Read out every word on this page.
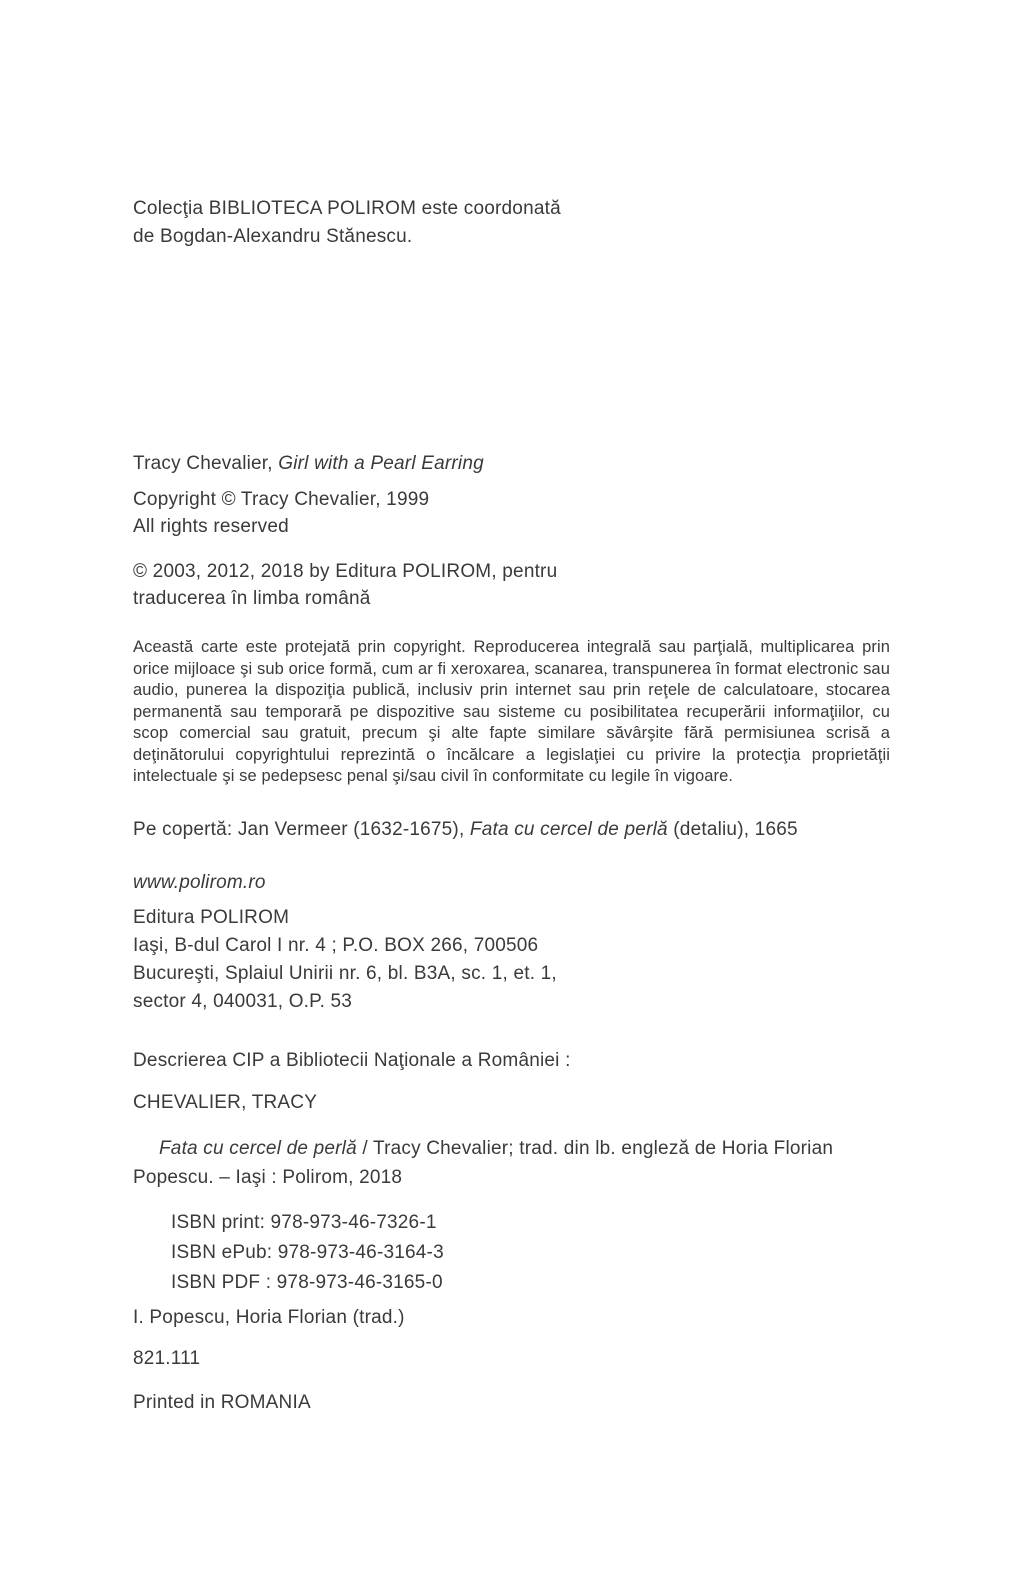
Colecţia BIBLIOTECA POLIROM este coordonată
de Bogdan-Alexandru Stănescu.

Tracy Chevalier, Girl with a Pearl Earring

Copyright © Tracy Chevalier, 1999
All rights reserved

© 2003, 2012, 2018 by Editura POLIROM, pentru
traducerea în limba română

Această carte este protejată prin copyright. Reproducerea integrală sau parţială, multiplicarea prin orice mijloace şi sub orice formă, cum ar fi xeroxarea, scanarea, transpunerea în format electronic sau audio, punerea la dispoziţia publică, inclusiv prin internet sau prin reţele de calculatoare, stocarea permanentă sau temporară pe dispozitive sau sisteme cu posibilitatea recuperării informaţiilor, cu scop comercial sau gratuit, precum şi alte fapte similare săvârşite fără permisiunea scrisă a deţinătorului copyrightului reprezintă o încălcare a legislaţiei cu privire la protecţia proprietăţii intelectuale şi se pedepsesc penal şi/sau civil în conformitate cu legile în vigoare.

Pe copertă: Jan Vermeer (1632-1675), Fata cu cercel de perlă (detaliu), 1665

www.polirom.ro

Editura POLIROM
Iaşi, B-dul Carol I nr. 4 ; P.O. BOX 266, 700506
Bucureşti, Splaiul Unirii nr. 6, bl. B3A, sc. 1, et. 1,
sector 4, 040031, O.P. 53

Descrierea CIP a Bibliotecii Naţionale a României :

CHEVALIER, TRACY

Fata cu cercel de perlă / Tracy Chevalier; trad. din lb. engleză de Horia Florian Popescu. – Iaşi : Polirom, 2018

ISBN print: 978-973-46-7326-1
ISBN ePub: 978-973-46-3164-3
ISBN PDF : 978-973-46-3165-0

I. Popescu, Horia Florian (trad.)

821.111

Printed in ROMANIA
